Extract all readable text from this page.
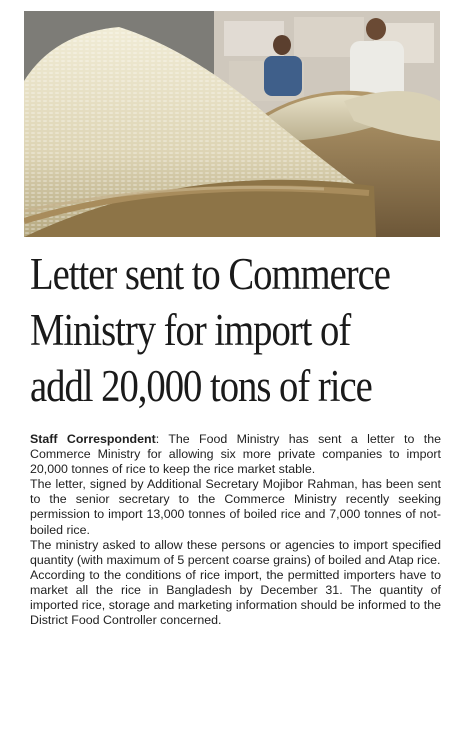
Letter sent to Commerce
Ministry for import of
addl 20,000 tons of rice

Staff Correspondent: The Food Ministry has sent a letter to the Commerce Ministry for allowing six more private companies to import 20,000 tonnes of rice to keep the rice market stable.

The letter, signed by Additional Secretary Mojibor Rahman, has been sent to the senior secretary to the Commerce Ministry recently seeking permission to import 13,000 tonnes of boiled rice and 7,000 tonnes of not-boiled rice.

The ministry asked to allow these persons or agencies to import specified quantity (with maximum of 5 percent coarse grains) of boiled and Atap rice.

According to the conditions of rice import, the permitted importers have to market all the rice in Bangladesh by December 31. The quantity of imported rice, storage and marketing information should be informed to the District Food Controller concerned.
